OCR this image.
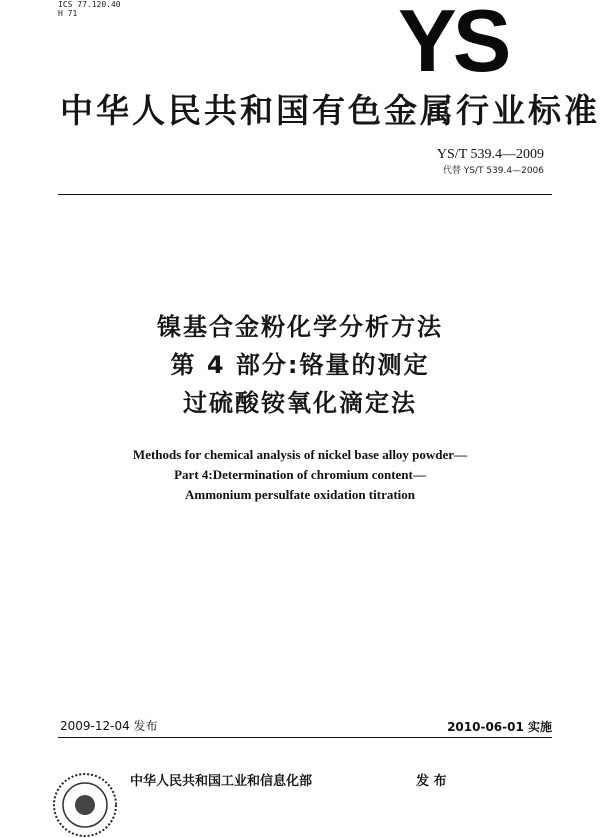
ICS 77.120.40
H 71	YS
中华人民共和国有色金属行业标准
YS/T 539.4—2009
代替 YS/T 539.4—2006
镍基合金粉化学分析方法
第 4 部分:铬量的测定
过硫酸铵氧化滴定法
Methods for chemical analysis of nickel base alloy powder—
Part 4:Determination of chromium content—
Ammonium persulfate oxidation titration
2009-12-04 发布	2010-06-01 实施
中华人民共和国工业和信息化部	发 布
